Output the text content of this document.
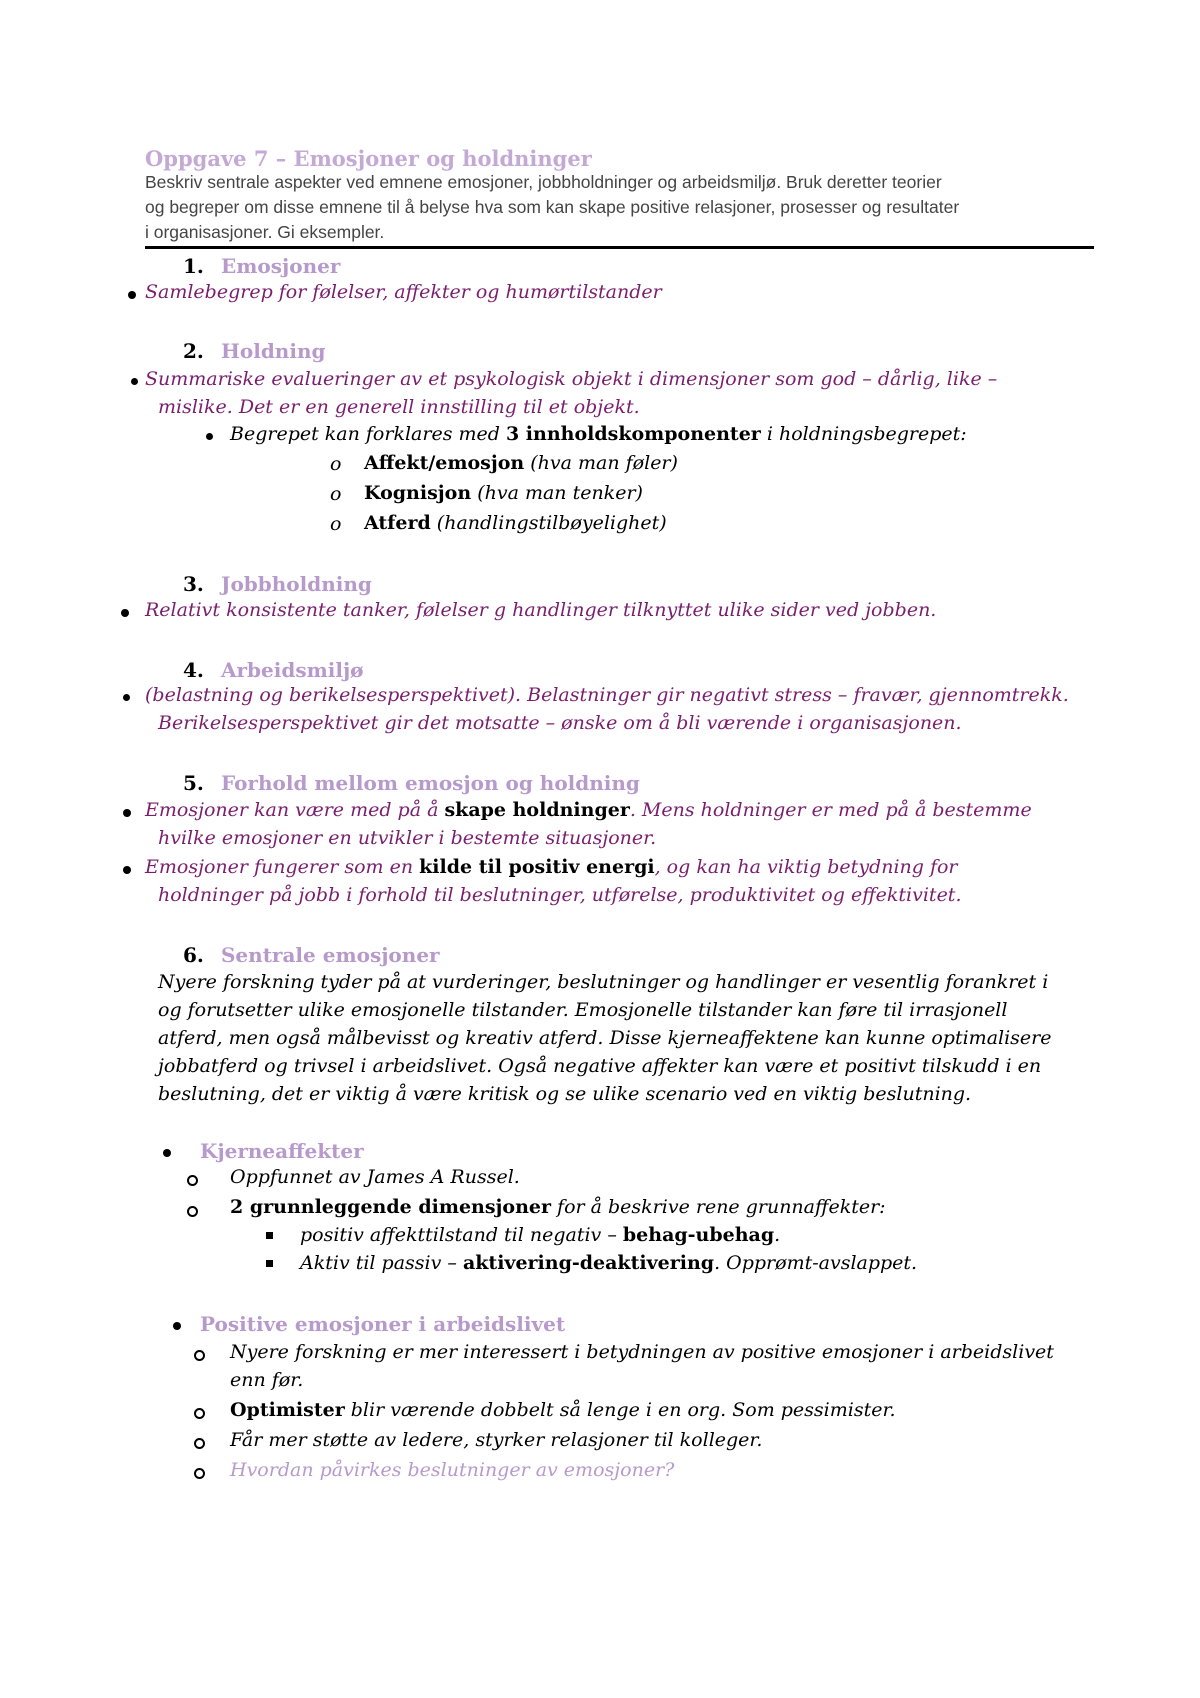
Oppgave 7 – Emosjoner og holdninger
Beskriv sentrale aspekter ved emnene emosjoner, jobbholdninger og arbeidsmiljø. Bruk deretter teorier
og begreper om disse emnene til å belyse hva som kan skape positive relasjoner, prosesser og resultater
i organisasjoner. Gi eksempler.
1. Emosjoner
Samlebegrep for følelser, affekter og humørtilstander
2. Holdning
Summariske evalueringer av et psykologisk objekt i dimensjoner som god – dårlig, like –
mislike. Det er en generell innstilling til et objekt.
Begrepet kan forklares med 3 innholdskomponenter i holdningsbegrepet:
o Affekt/emosjon (hva man føler)
o Kognisjon (hva man tenker)
o Atferd (handlingstilbøyelighet)
3. Jobbholdning
Relativt konsistente tanker, følelser g handlinger tilknyttet ulike sider ved jobben.
4. Arbeidsmiljø
(belastning og berikelsesperspektivet). Belastninger gir negativt stress – fravær, gjennomtrekk.
Berikelsesperspektivet gir det motsatte – ønske om å bli værende i organisasjonen.
5. Forhold mellom emosjon og holdning
Emosjoner kan være med på å skape holdninger. Mens holdninger er med på å bestemme
hvilke emosjoner en utvikler i bestemte situasjoner.
Emosjoner fungerer som en kilde til positiv energi, og kan ha viktig betydning for
holdninger på jobb i forhold til beslutninger, utførelse, produktivitet og effektivitet.
6. Sentrale emosjoner
Nyere forskning tyder på at vurderinger, beslutninger og handlinger er vesentlig forankret i
og forutsetter ulike emosjonelle tilstander. Emosjonelle tilstander kan føre til irrasjonell
atferd, men også målbevisst og kreativ atferd. Disse kjerneaffektene kan kunne optimalisere
jobbatferd og trivsel i arbeidslivet. Også negative affekter kan være et positivt tilskudd i en
beslutning, det er viktig å være kritisk og se ulike scenario ved en viktig beslutning.
Kjerneaffekter
Oppfunnet av James A Russel.
2 grunnleggende dimensjoner for å beskrive rene grunnaffekter:
positiv affekttilstand til negativ – behag-ubehag.
Aktiv til passiv – aktivering-deaktivering. Opprømt-avslappet.
Positive emosjoner i arbeidslivet
Nyere forskning er mer interessert i betydningen av positive emosjoner i arbeidslivet
enn før.
Optimister blir værende dobbelt så lenge i en org. Som pessimister.
Får mer støtte av ledere, styrker relasjoner til kolleger.
Hvordan påvirkes beslutninger av emosjoner?
